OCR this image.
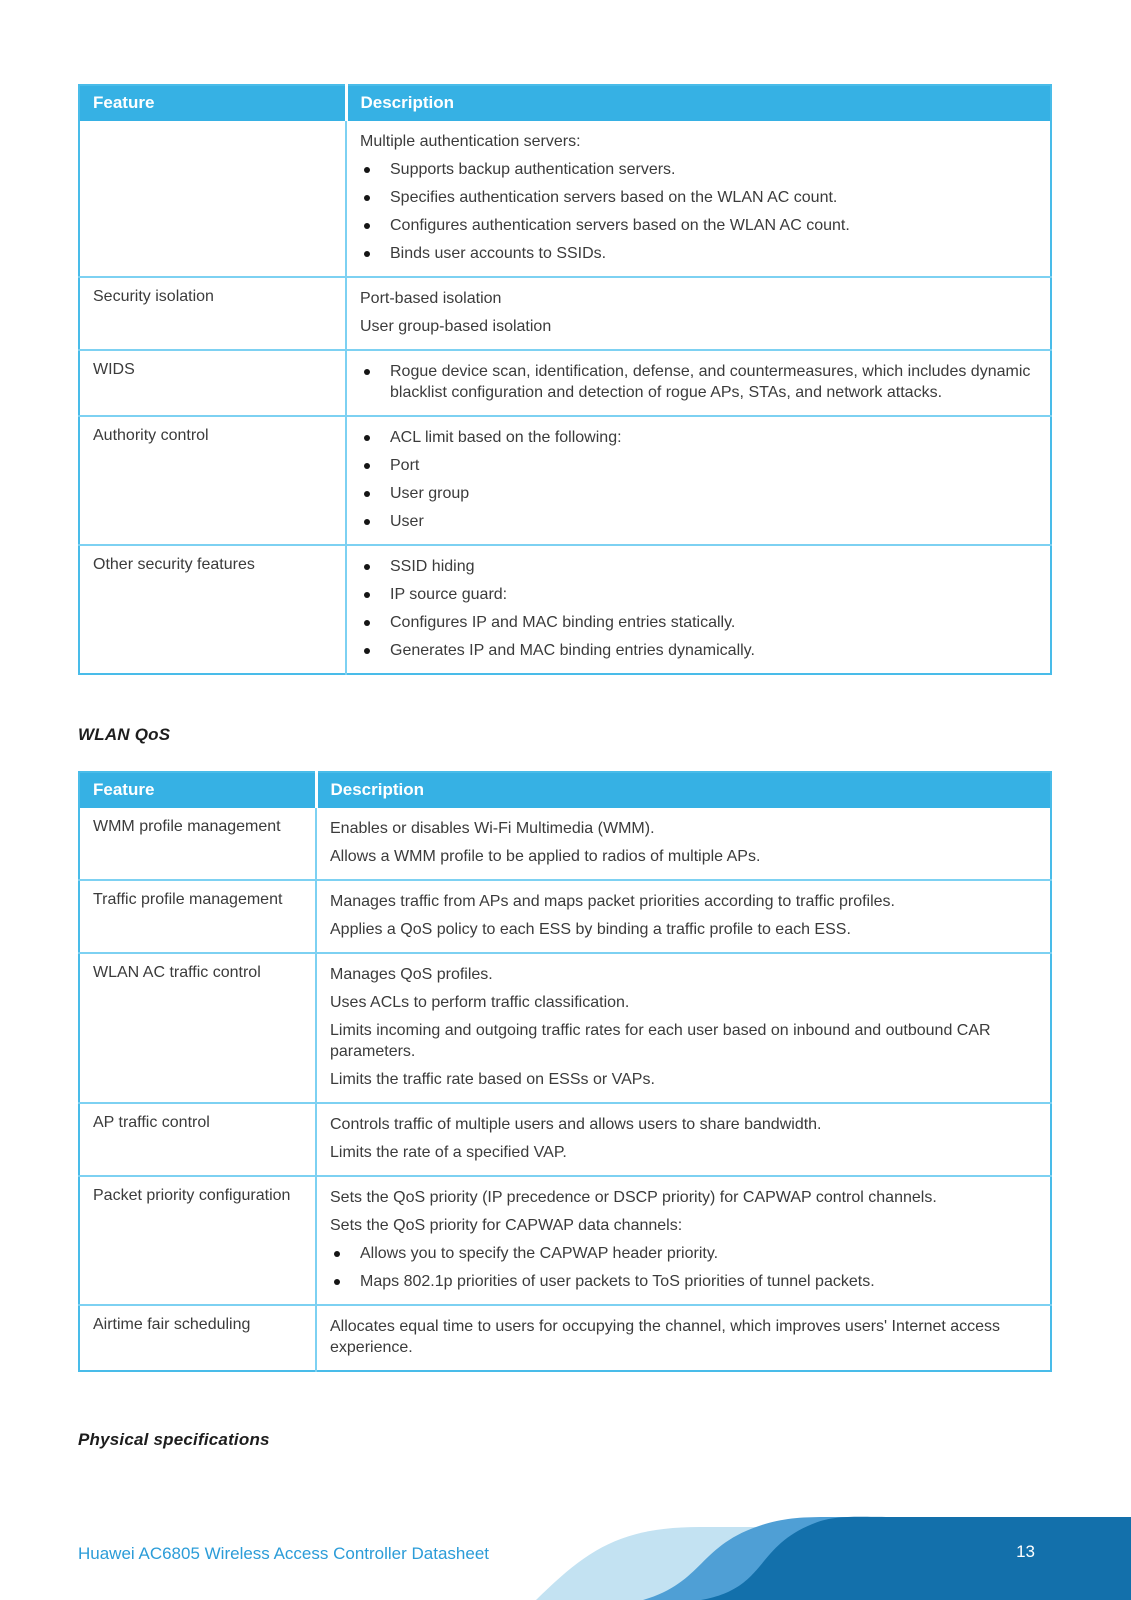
Feature	Description

	Multiple authentication servers:
Supports backup authentication servers.
Specifies authentication servers based on the WLAN AC count.
Configures authentication servers based on the WLAN AC count.
Binds user accounts to SSIDs.

Security isolation	Port-based isolation
User group-based isolation

WIDS	Rogue device scan, identification, defense, and countermeasures, which includes dynamic blacklist configuration and detection of rogue APs, STAs, and network attacks.

Authority control	ACL limit based on the following:
Port
User group
User

Other security features	SSID hiding
IP source guard:
Configures IP and MAC binding entries statically.
Generates IP and MAC binding entries dynamically.
WLAN QoS
Feature	Description
WMM profile management	Enables or disables Wi-Fi Multimedia (WMM).
Allows a WMM profile to be applied to radios of multiple APs.

Traffic profile management	Manages traffic from APs and maps packet priorities according to traffic profiles.
Applies a QoS policy to each ESS by binding a traffic profile to each ESS.

WLAN AC traffic control	Manages QoS profiles.
Uses ACLs to perform traffic classification.
Limits incoming and outgoing traffic rates for each user based on inbound and outbound CAR parameters.
Limits the traffic rate based on ESSs or VAPs.

AP traffic control	Controls traffic of multiple users and allows users to share bandwidth.
Limits the rate of a specified VAP.

Packet priority configuration	Sets the QoS priority (IP precedence or DSCP priority) for CAPWAP control channels.
Sets the QoS priority for CAPWAP data channels:
Allows you to specify the CAPWAP header priority.
Maps 802.1p priorities of user packets to ToS priorities of tunnel packets.

Airtime fair scheduling	Allocates equal time to users for occupying the channel, which improves users' Internet access experience.
Physical specifications
Huawei AC6805 Wireless Access Controller Datasheet	13
